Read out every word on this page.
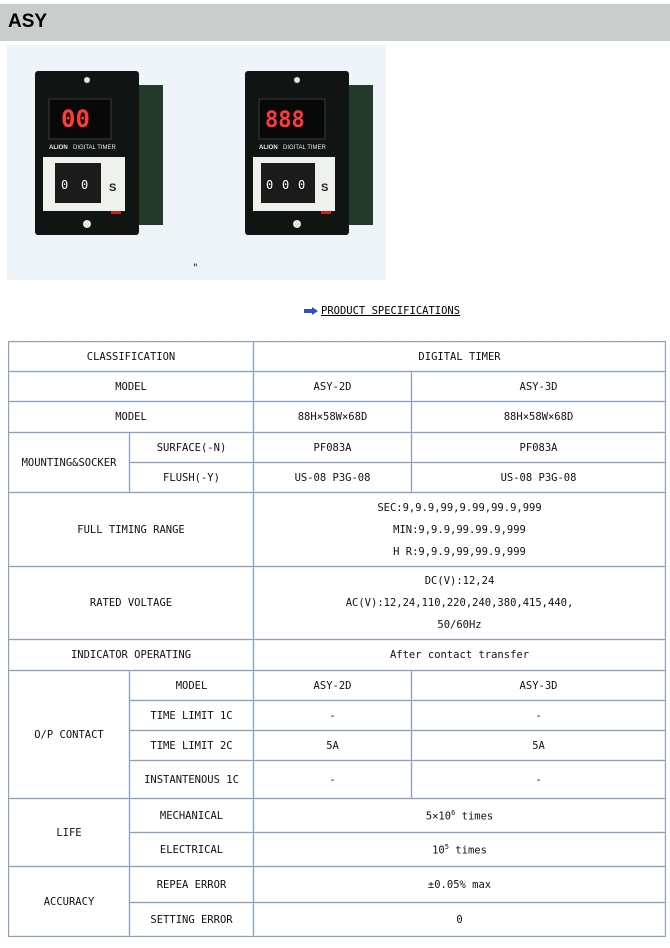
ASY
00
ALION DIGITAL TIMER
0 0 S
888
ALION DIGITAL TIMER
0 0 0 S
"
PRODUCT SPECIFICATIONS
CLASSIFICATION		DIGITAL TIMER	
MODEL		ASY-2D	ASY-3D
MODEL		88H×58W×68D	88H×58W×68D
MOUNTING&SOCKER	SURFACE(-N)	PF083A	PF083A
	FLUSH(-Y)	US-08 P3G-08	US-08 P3G-08
FULL TIMING RANGE		SEC:9,9.9,99,9.99,99.9,999
MIN:9,9.9,99.99.9,999
H R:9,9.9,99,99.9,999	

RATED VOLTAGE		DC(V):12,24
AC(V):12,24,110,220,240,380,415,440,
50/60Hz	

INDICATOR OPERATING		After contact transfer	
O/P CONTACT	MODEL	ASY-2D	ASY-3D
	TIME LIMIT 1C	-	-
	TIME LIMIT 2C	5A	5A
	INSTANTENOUS 1C	-	-
LIFE	MECHANICAL	$5\times 10^6$ times	
	ELECTRICAL	$10^5$ times	
ACCURACY	REPEA ERROR	±0.05% max	
	SETTING ERROR	0	
